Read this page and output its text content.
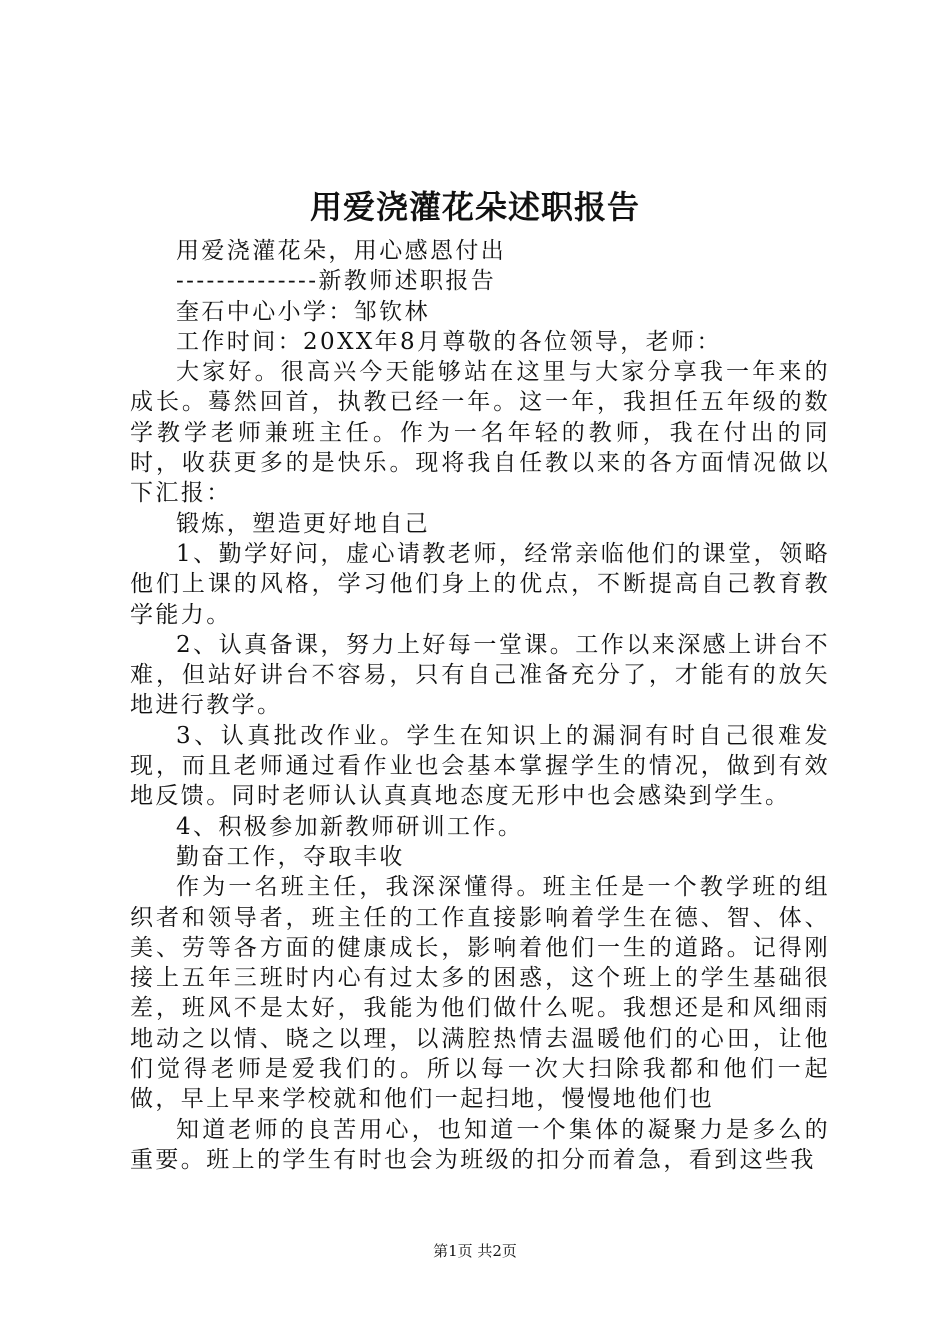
用爱浇灌花朵述职报告

用爱浇灌花朵，用心感恩付出

--------------新教师述职报告

奎石中心小学：邹钦林

工作时间：20XX年8月尊敬的各位领导，老师：

大家好。很高兴今天能够站在这里与大家分享我一年来的成长。蓦然回首，执教已经一年。这一年，我担任五年级的数学教学老师兼班主任。作为一名年轻的教师，我在付出的同时，收获更多的是快乐。现将我自任教以来的各方面情况做以下汇报：

锻炼，塑造更好地自己

1、勤学好问，虚心请教老师，经常亲临他们的课堂，领略他们上课的风格，学习他们身上的优点，不断提高自己教育教学能力。

2、认真备课，努力上好每一堂课。工作以来深感上讲台不难，但站好讲台不容易，只有自己准备充分了，才能有的放矢地进行教学。

3、认真批改作业。学生在知识上的漏洞有时自己很难发现，而且老师通过看作业也会基本掌握学生的情况，做到有效地反馈。同时老师认认真真地态度无形中也会感染到学生。

4、积极参加新教师研训工作。

勤奋工作，夺取丰收

作为一名班主任，我深深懂得。班主任是一个教学班的组织者和领导者，班主任的工作直接影响着学生在德、智、体、美、劳等各方面的健康成长，影响着他们一生的道路。记得刚接上五年三班时内心有过太多的困惑，这个班上的学生基础很差，班风不是太好，我能为他们做什么呢。我想还是和风细雨地动之以情、晓之以理，以满腔热情去温暖他们的心田，让他们觉得老师是爱我们的。所以每一次大扫除我都和他们一起做，早上早来学校就和他们一起扫地，慢慢地他们也

知道老师的良苦用心，也知道一个集体的凝聚力是多么的重要。班上的学生有时也会为班级的扣分而着急，看到这些我

第1页 共2页
